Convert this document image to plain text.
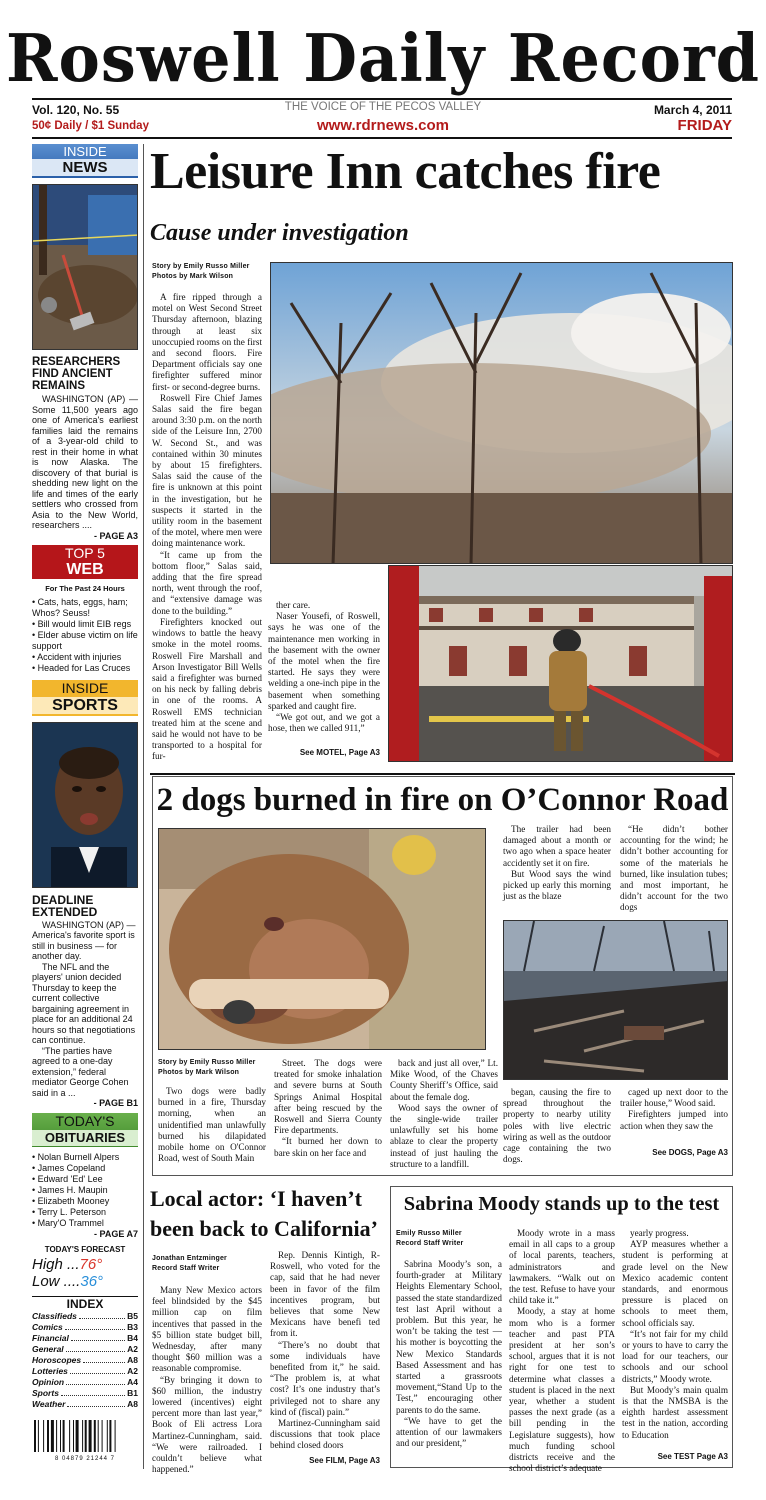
Roswell Daily Record
Vol. 120, No. 55
50¢ Daily / $1 Sunday
THE VOICE OF THE PECOS VALLEY
www.rdrnews.com
March 4, 2011
FRIDAY
INSIDE
NEWS
RESEARCHERS FIND ANCIENT REMAINS
WASHINGTON (AP) — Some 11,500 years ago one of America's earliest families laid the remains of a 3-year-old child to rest in their home in what is now Alaska. The discovery of that burial is shedding new light on the life and times of the early settlers who crossed from Asia to the New World, researchers ....
- PAGE A3
TOP 5
WEB
For The Past 24 Hours
• Cats, hats, eggs, ham; Whos? Seuss!
• Bill would limit EIB regs
• Elder abuse victim on life support
• Accident with injuries
• Headed for Las Cruces
INSIDE
SPORTS
DEADLINE EXTENDED
WASHINGTON (AP) — America's favorite sport is still in business — for another day.
The NFL and the players' union decided Thursday to keep the current collective bargaining agreement in place for an additional 24 hours so that negotiations can continue.
“The parties have agreed to a one-day extension,” federal mediator George Cohen said in a ...
- PAGE B1
TODAY'S
OBITUARIES
• Nolan Burnell Alpers
• James Copeland
• Edward 'Ed' Lee
• James H. Maupin
• Elizabeth Mooney
• Terry L. Peterson
• Mary'O Trammel
- PAGE A7
TODAY'S FORECAST
High ...76°
Low ....36°
INDEX
Classifieds	B5
Comics	B3
Financial	B4
General	A2
Horoscopes	A8
Lotteries	A2
Opinion	A4
Sports	B1
Weather	A8
8 04879 21244 7
Leisure Inn catches fire
Cause under investigation
Story by Emily Russo Miller
Photos by Mark Wilson

A fire ripped through a motel on West Second Street Thursday afternoon, blazing through at least six unoccupied rooms on the first and second floors. Fire Department officials say one firefighter suffered minor first- or second-degree burns.

Roswell Fire Chief James Salas said the fire began around 3:30 p.m. on the north side of the Leisure Inn, 2700 W. Second St., and was contained within 30 minutes by about 15 firefighters. Salas said the cause of the fire is unknown at this point in the investigation, but he suspects it started in the utility room in the basement of the motel, where men were doing maintenance work.

“It came up from the bottom floor,” Salas said, adding that the fire spread north, went through the roof, and “extensive damage was done to the building.”

Firefighters knocked out windows to battle the heavy smoke in the motel rooms. Roswell Fire Marshall and Arson Investigator Bill Wells said a firefighter was burned on his neck by falling debris in one of the rooms. A Roswell EMS technician treated him at the scene and said he would not have to be transported to a hospital for fur-

ther care.

Naser Yousefi, of Roswell, says he was one of the maintenance men working in the basement with the owner of the motel when the fire started. He says they were welding a one-inch pipe in the basement when something sparked and caught fire.

“We got out, and we got a hose, then we called 911,”

See MOTEL, Page A3
2 dogs burned in fire on O’Connor Road

The trailer had been damaged about a month or two ago when a space heater accidently set it on fire.

But Wood says the wind picked up early this morning just as the blaze

“He didn’t bother accounting for the wind; he didn’t bother accounting for some of the materials he burned, like insulation tubes; and most important, he didn’t account for the two dogs

Story by Emily Russo Miller
Photos by Mark Wilson

Two dogs were badly burned in a fire, Thursday morning, when an unidentified man unlawfully burned his dilapidated mobile home on O'Connor Road, west of South Main

Street. The dogs were treated for smoke inhalation and severe burns at South Springs Animal Hospital after being rescued by the Roswell and Sierra County Fire departments.

“It burned her down to bare skin on her face and

back and just all over,” Lt. Mike Wood, of the Chaves County Sheriff’s Office, said about the female dog.

Wood says the owner of the single-wide trailer unlawfully set his home ablaze to clear the property instead of just hauling the structure to a landfill.

began, causing the fire to spread throughout the property to nearby utility poles with live electric wiring as well as the outdoor cage containing the two dogs.

caged up next door to the trailer house,” Wood said.

Firefighters jumped into action when they saw the

See DOGS, Page A3
Local actor: ‘I haven’t been back to California’
Jonathan Entzminger
Record Staff Writer

Many New Mexico actors feel blindsided by the $45 million cap on film incentives that passed in the $5 billion state budget bill, Wednesday, after many thought $60 million was a reasonable compromise.

“By bringing it down to $60 million, the industry lowered (incentives) eight percent more than last year,” Book of Eli actress Lora Martinez-Cunningham, said. “We were railroaded. I couldn’t believe what happened.”

Rep. Dennis Kintigh, R-Roswell, who voted for the cap, said that he had never been in favor of the film incentives program, but believes that some New Mexicans have benefi ted from it.

“There’s no doubt that some individuals have benefited from it,” he said. “The problem is, at what cost? It’s one industry that’s privileged not to share any kind of (fiscal) pain.”

Martinez-Cunningham said discussions that took place behind closed doors

See FILM, Page A3
Sabrina Moody stands up to the test
Emily Russo Miller
Record Staff Writer

Sabrina Moody’s son, a fourth-grader at Military Heights Elementary School, passed the state standardized test last April without a problem. But this year, he won’t be taking the test — his mother is boycotting the New Mexico Standards Based Assessment and has started a grassroots movement,“Stand Up to the Test,” encouraging other parents to do the same.

“We have to get the attention of our lawmakers and our president,”

Moody wrote in a mass email in all caps to a group of local parents, teachers, administrators and lawmakers. “Walk out on the test. Refuse to have your child take it.”

Moody, a stay at home mom who is a former teacher and past PTA president at her son’s school, argues that it is not right for one test to determine what classes a student is placed in the next year, whether a student passes the next grade (as a bill pending in the Legislature suggests), how much funding school districts receive and the school district’s adequate

yearly progress.

AYP measures whether a student is performing at grade level on the New Mexico academic content standards, and enormous pressure is placed on schools to meet them, school officials say.

“It’s not fair for my child or yours to have to carry the load for our teachers, our schools and our school districts,” Moody wrote.

But Moody’s main qualm is that the NMSBA is the eighth hardest assessment test in the nation, according to Education

See TEST Page A3
